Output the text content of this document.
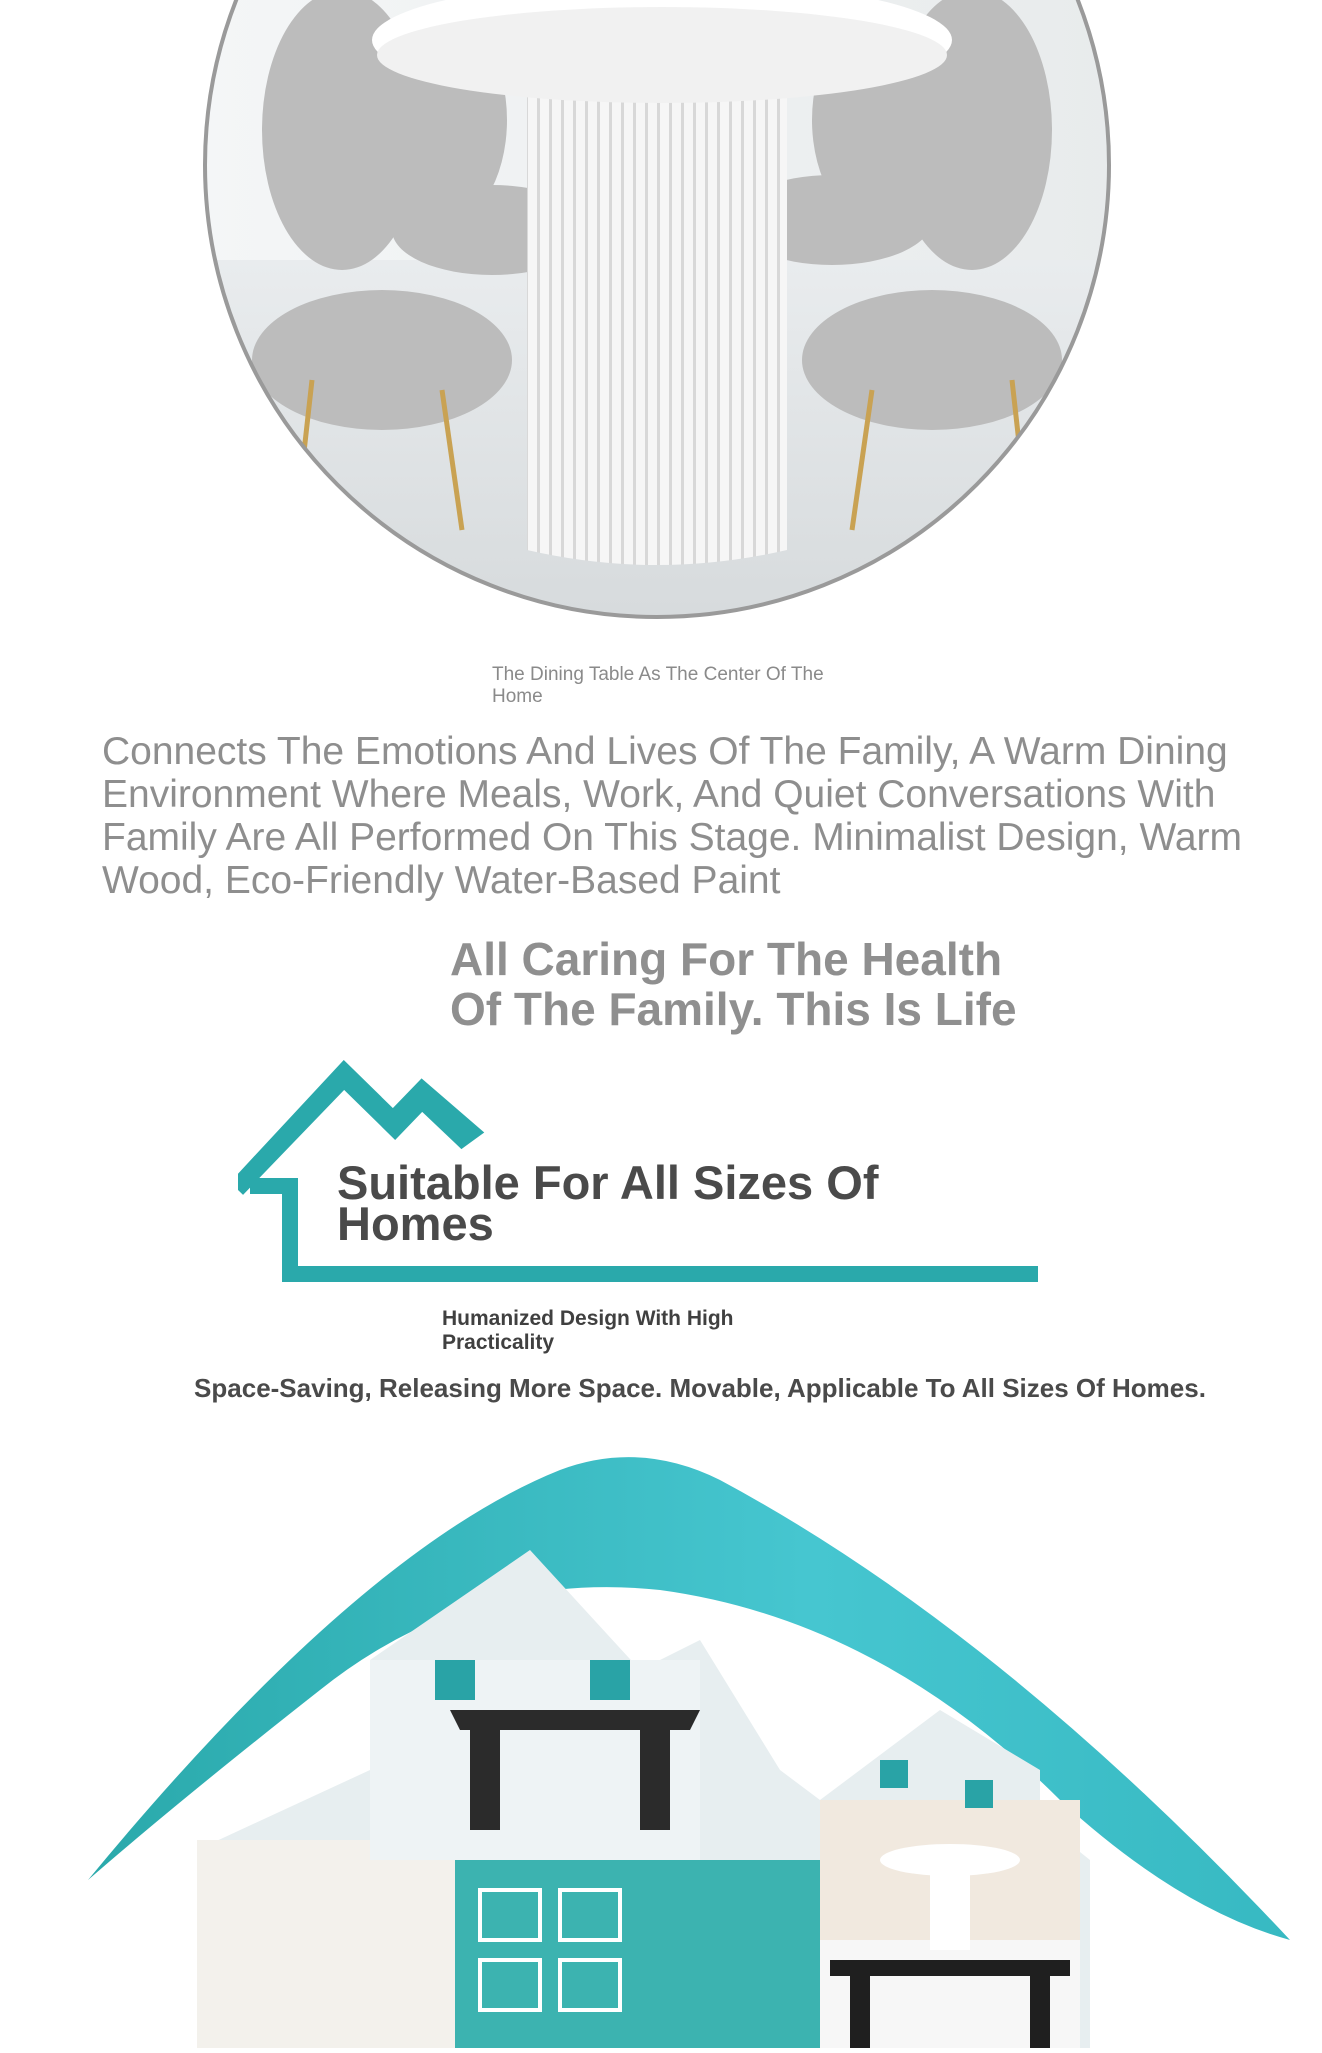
The Dining Table As The Center Of The Home
Connects The Emotions And Lives Of The Family, A Warm Dining Environment Where Meals, Work, And Quiet Conversations With Family Are All Performed On This Stage. Minimalist Design, Warm Wood, Eco-Friendly Water-Based Paint
All Caring For The Health Of The Family. This Is Life
Suitable For All Sizes Of Homes
Humanized Design With High Practicality
Space-Saving, Releasing More Space. Movable, Applicable To All Sizes Of Homes.
